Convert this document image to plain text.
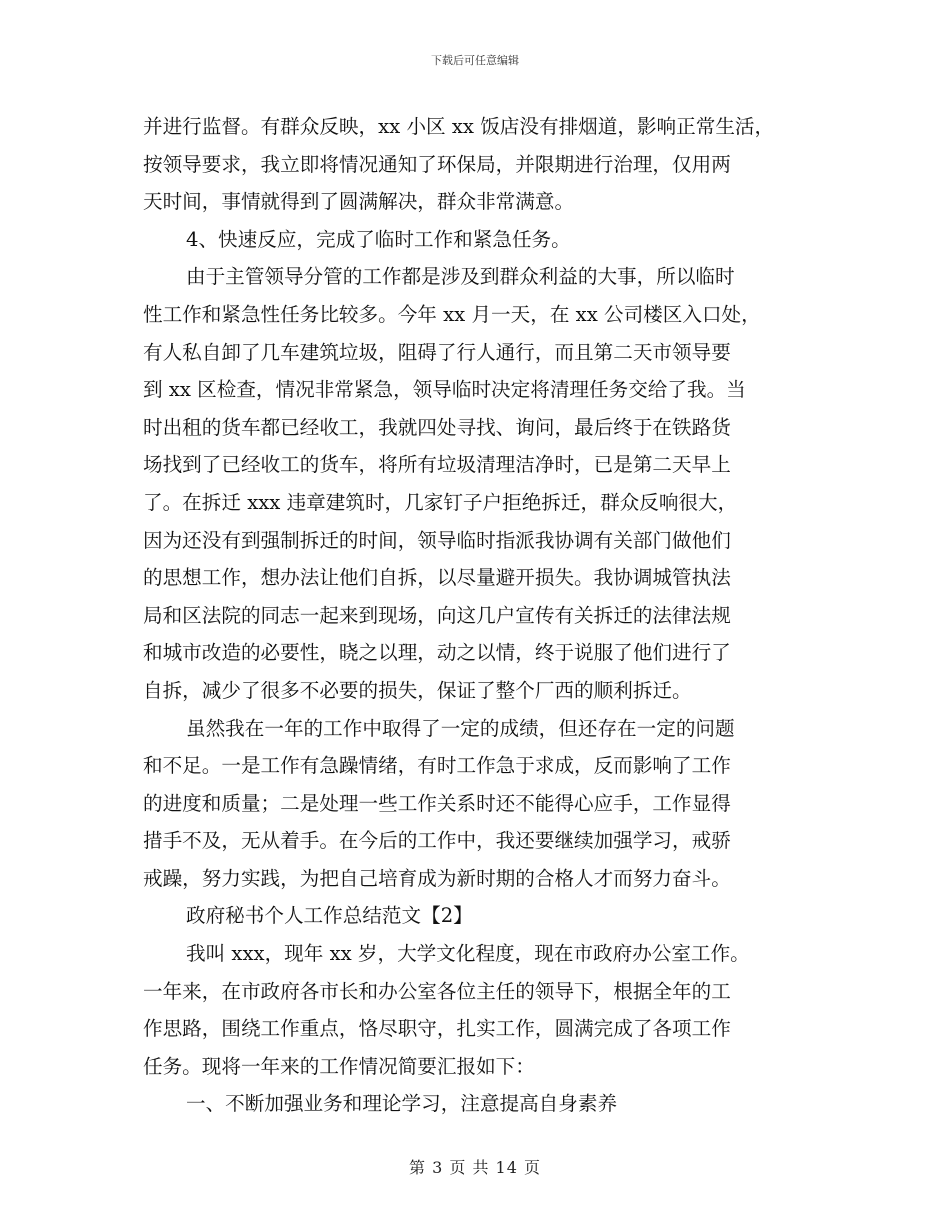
下载后可任意编辑
并进行监督。有群众反映，xx 小区 xx 饭店没有排烟道，影响正常生活，
按领导要求，我立即将情况通知了环保局，并限期进行治理，仅用两
天时间，事情就得到了圆满解决，群众非常满意。
4、快速反应，完成了临时工作和紧急任务。
由于主管领导分管的工作都是涉及到群众利益的大事，所以临时
性工作和紧急性任务比较多。今年 xx 月一天，在 xx 公司楼区入口处，
有人私自卸了几车建筑垃圾，阻碍了行人通行，而且第二天市领导要
到 xx 区检查，情况非常紧急，领导临时决定将清理任务交给了我。当
时出租的货车都已经收工，我就四处寻找、询问，最后终于在铁路货
场找到了已经收工的货车，将所有垃圾清理洁净时，已是第二天早上
了。在拆迁 xxx 违章建筑时，几家钉子户拒绝拆迁，群众反响很大，
因为还没有到强制拆迁的时间，领导临时指派我协调有关部门做他们
的思想工作，想办法让他们自拆，以尽量避开损失。我协调城管执法
局和区法院的同志一起来到现场，向这几户宣传有关拆迁的法律法规
和城市改造的必要性，晓之以理，动之以情，终于说服了他们进行了
自拆，减少了很多不必要的损失，保证了整个厂西的顺利拆迁。
虽然我在一年的工作中取得了一定的成绩，但还存在一定的问题
和不足。一是工作有急躁情绪，有时工作急于求成，反而影响了工作
的进度和质量；二是处理一些工作关系时还不能得心应手，工作显得
措手不及，无从着手。在今后的工作中，我还要继续加强学习，戒骄
戒躁，努力实践，为把自己培育成为新时期的合格人才而努力奋斗。
政府秘书个人工作总结范文【2】
我叫 xxx，现年 xx 岁，大学文化程度，现在市政府办公室工作。
一年来，在市政府各市长和办公室各位主任的领导下，根据全年的工
作思路，围绕工作重点，恪尽职守，扎实工作，圆满完成了各项工作
任务。现将一年来的工作情况简要汇报如下：
一、不断加强业务和理论学习，注意提高自身素养
第 3 页 共 14 页
